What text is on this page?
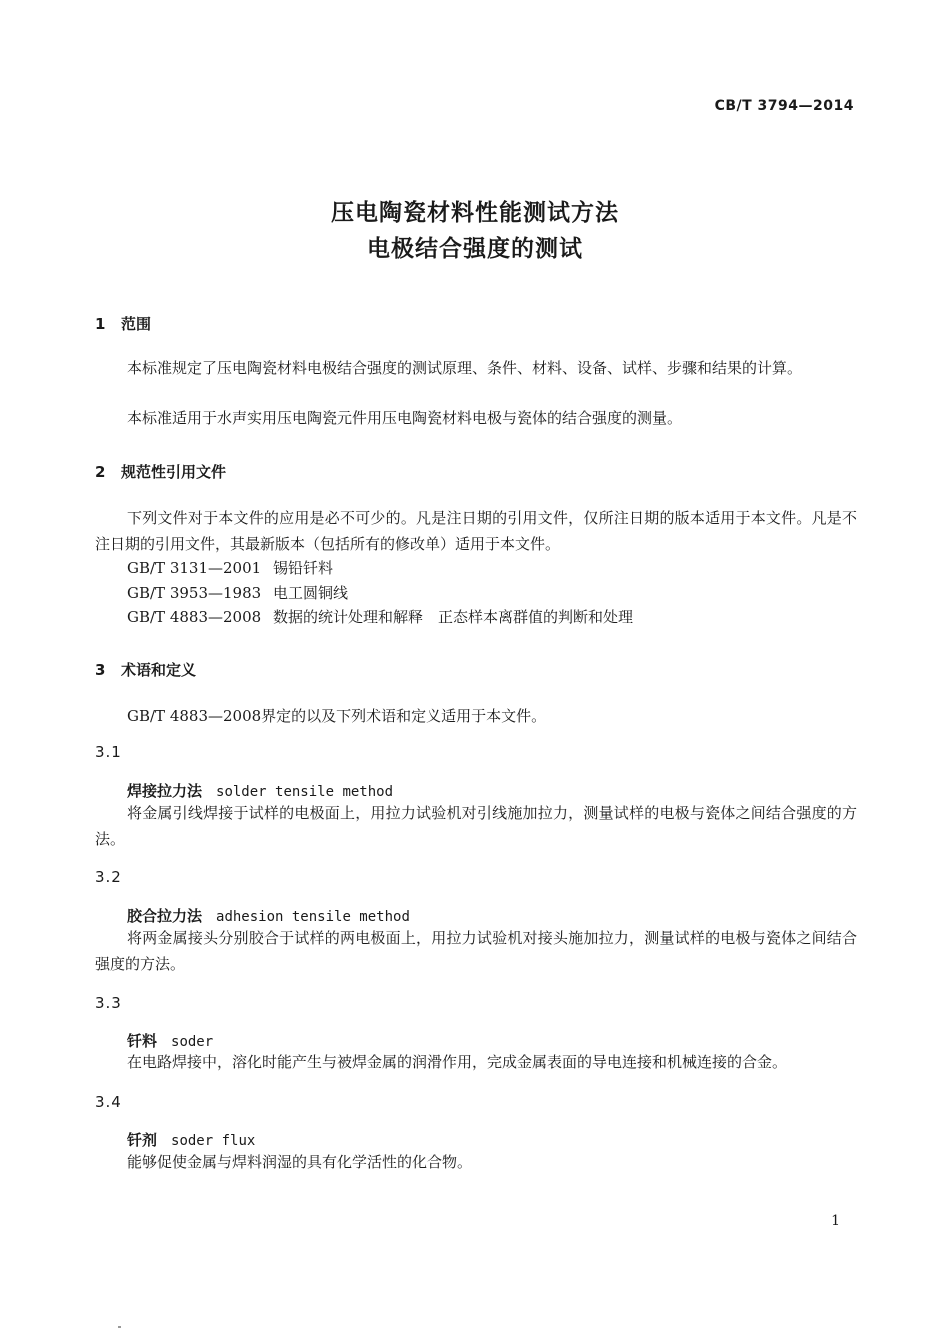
CB/T 3794—2014
压电陶瓷材料性能测试方法
电极结合强度的测试
1 范围
本标准规定了压电陶瓷材料电极结合强度的测试原理、条件、材料、设备、试样、步骤和结果的计算。
本标准适用于水声实用压电陶瓷元件用压电陶瓷材料电极与瓷体的结合强度的测量。
2 规范性引用文件
下列文件对于本文件的应用是必不可少的。凡是注日期的引用文件，仅所注日期的版本适用于本文件。凡是不注日期的引用文件，其最新版本（包括所有的修改单）适用于本文件。
GB/T 3131—2001 锡铅钎料
GB/T 3953—1983 电工圆铜线
GB/T 4883—2008 数据的统计处理和解释　正态样本离群值的判断和处理
3 术语和定义
GB/T 4883—2008界定的以及下列术语和定义适用于本文件。
3.1
焊接拉力法 solder tensile method
将金属引线焊接于试样的电极面上，用拉力试验机对引线施加拉力，测量试样的电极与瓷体之间结合强度的方法。
3.2
胶合拉力法 adhesion tensile method
将两金属接头分别胶合于试样的两电极面上，用拉力试验机对接头施加拉力，测量试样的电极与瓷体之间结合强度的方法。
3.3
钎料 soder
在电路焊接中，溶化时能产生与被焊金属的润滑作用，完成金属表面的导电连接和机械连接的合金。
3.4
钎剂 soder flux
能够促使金属与焊料润湿的具有化学活性的化合物。
1
